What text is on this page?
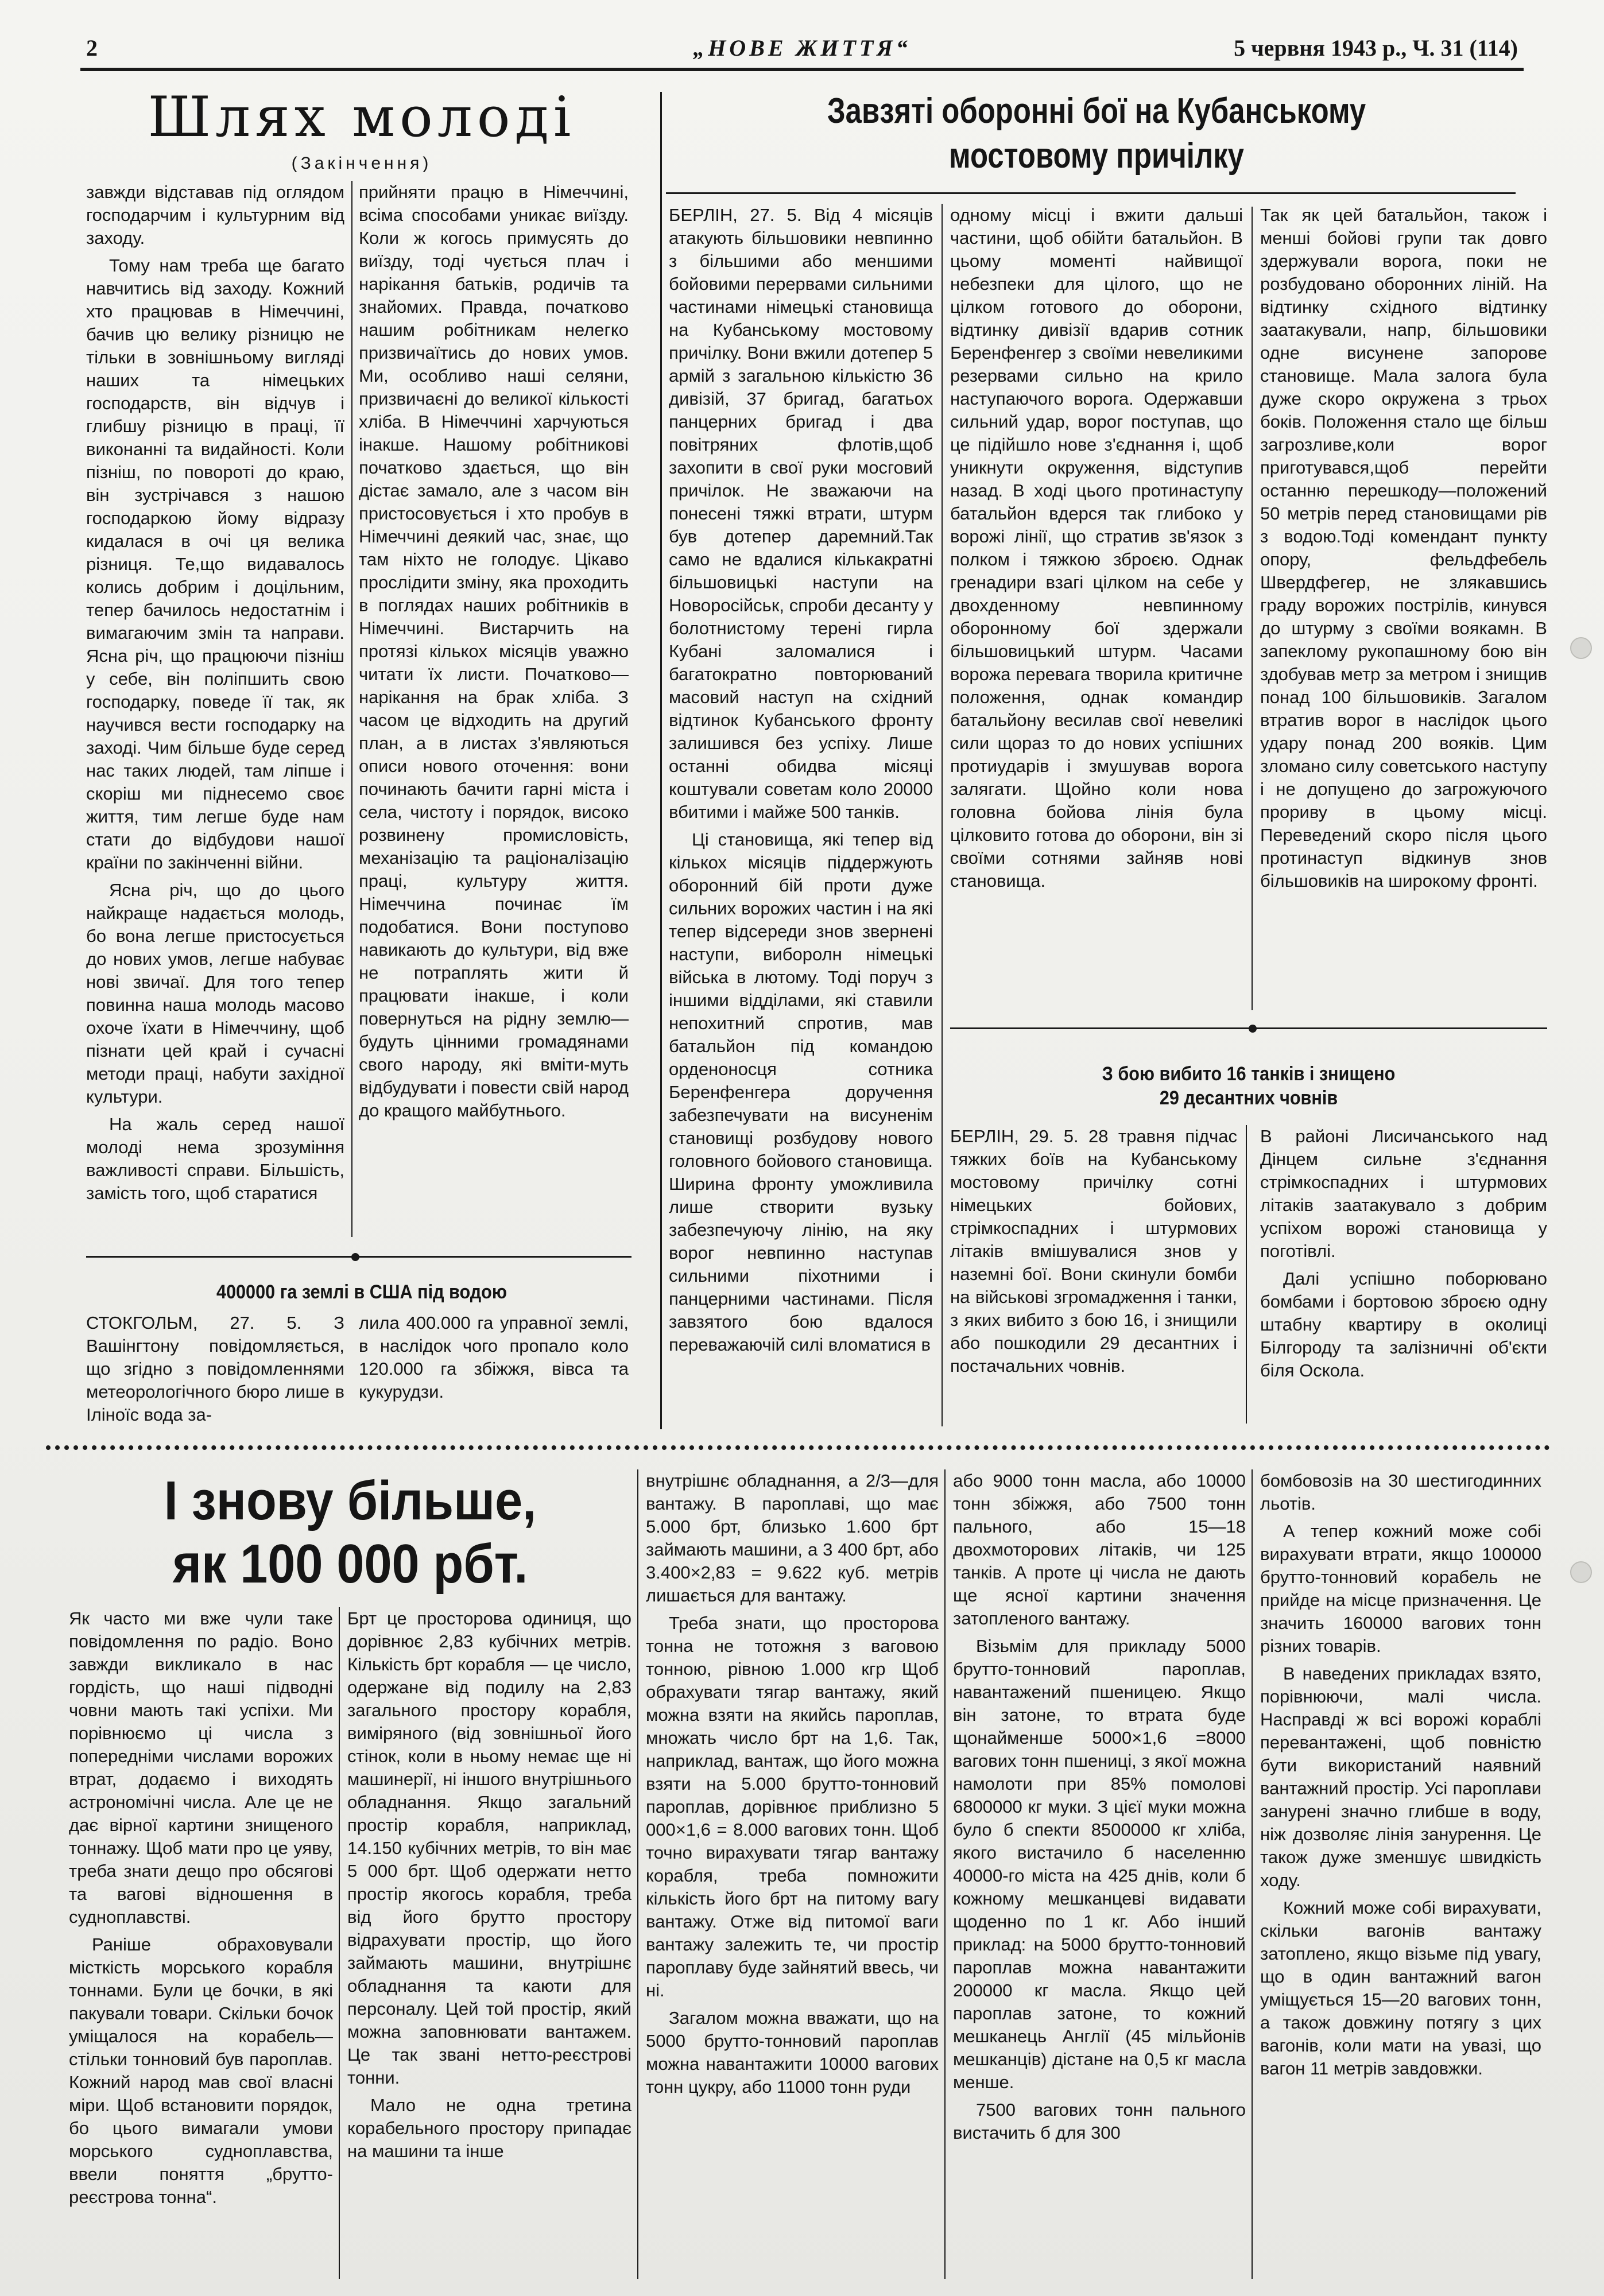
2	„НОВЕ ЖИТТЯ“	5 червня 1943 р., Ч. 31 (114)
Шлях молоді
(Закінчення)

завжди відставав під оглядом господарчим і культурним від заходу.

Тому нам треба ще багато навчитись від заходу. Кожний хто працював в Німеччині, бачив цю велику різницю не тільки в зовнішньому вигляді наших та німецьких господарств, він відчув і глибшу різницю в праці, її виконанні та видайності. Коли пізніш, по повороті до краю, він зустрічався з нашою господаркою йому відразу кидалася в очі ця велика різниця. Те,що видавалось колись добрим і доцільним, тепер бачилось недостатнім і вимагаючим змін та направи. Ясна річ, що працюючи пізніш у себе, він поліпшить свою господарку, поведе її так, як научився вести господарку на заході. Чим більше буде серед нас таких людей, там ліпше і скоріш ми піднесемо своє життя, тим легше буде нам стати до відбудови нашої країни по закінченні війни.

Ясна річ, що до цього найкраще надається молодь, бо вона легше пристосується до нових умов, легше набуває нові звичаї. Для того тепер повинна наша молодь масово охоче їхати в Німеччину, щоб пізнати цей край і сучасні методи праці, набути західної культури.

На жаль серед нашої молоді нема зрозуміння важливості справи. Більшість, замість того, щоб старатися

прийняти працю в Німеччині, всіма способами уникає виїзду. Коли ж когось примусять до виїзду, тоді чується плач і нарікання батьків, родичів та знайомих. Правда, початково нашим робітникам нелегко призвичаїтись до нових умов. Ми, особливо наші селяни, призвичаєні до великої кількості хліба. В Німеччині харчуються інакше. Нашому робітникові початково здається, що він дістає замало, але з часом він пристосовується і хто пробув в Німеччині деякий час, знає, що там ніхто не голодує. Цікаво прослідити зміну, яка проходить в поглядах наших робітників в Німеччині. Вистарчить на протязі кількох місяців уважно читати їх листи. Початково—нарікання на брак хліба. З часом це відходить на другий план, а в листах з'являються описи нового оточення: вони починають бачити гарні міста і села, чистоту і порядок, високо розвинену промисловість, механізацію та раціоналізацію праці, культуру життя. Німеччина починає їм подобатися. Вони поступово навикають до культури, від вже не потраплять жити й працювати інакше, і коли повернуться на рідну землю—будуть цінними громадянами свого народу, які вміти-муть відбудувати і повести свій народ до кращого майбутнього.

400000 га землі в США під водою

СТОКГОЛЬМ, 27. 5. З Вашінгтону повідомляється, що згідно з повідомленнями метеорологічного бюро лише в Іліноїс вода за-

лила 400.000 га управної землі, в наслідок чого пропало коло 120.000 га збіжжя, вівса та кукурудзи.

Завзяті оборонні бої на Кубанському
мостовому причілку

БЕРЛІН, 27. 5. Від 4 місяців атакують більшовики невпинно з більшими або меншими бойовими перервами сильними частинами німецькі становища на Кубанському мостовому причілку. Вони вжили дотепер 5 армій з загальною кількістю 36 дивізій, 37 бригад, багатьох панцерних бригад і два повітряних флотів,щоб захопити в свої руки мосговий причілок. Не зважаючи на понесені тяжкі втрати, штурм був дотепер даремний.Так само не вдалися кількакратні більшовицькі наступи на Новоросійськ, спроби десанту у болотнистому терені гирла Кубані заломалися і багатократно повторюваний масовий наступ на східний відтинок Кубанського фронту залишився без успіху. Лише останні обидва місяці коштували советам коло 20000 вбитими і майже 500 танків.

Ці становища, які тепер від кількох місяців піддержують оборонний бій проти дуже сильних ворожих частин і на які тепер відсереди знов звернені наступи, виборолн німецькі війська в лютому. Тоді поруч з іншими відділами, які ставили непохитний спротив, мав батальйон під командою орденоносця сотника Беренфенгера доручення забезпечувати на висуненім становищі розбудову нового головного бойового становища. Ширина фронту уможливила лише створити вузьку забезпечуючу лінію, на яку ворог невпинно наступав сильними піхотними і панцерними частинами. Після завзятого бою вдалося переважаючій силі вломатися в

одному місці і вжити дальші частини, щоб обійти батальйон. В цьому моменті найвищої небезпеки для цілого, що не цілком готового до оборони, відтинку дивізії вдарив сотник Беренфенгер з своїми невеликими резервами сильно на крило наступаючого ворога. Одержавши сильний удар, ворог поступав, що це підійшло нове з'єднання і, щоб уникнути окруження, відступив назад. В ході цього протинаступу батальйон вдерся так глибоко у ворожі лінії, що стратив зв'язок з полком і тяжкою зброєю. Однак гренадири взагі цілком на себе у двохденному невпинному оборонному бої здержали більшовицький штурм. Часами ворожа перевага творила критичне положення, однак командир батальйону весилав свої невеликі сили щораз то до нових успішних протиударів і змушував ворога залягати. Щойно коли нова головна бойова лінія була цілковито готова до оборони, він зі своїми сотнями зайняв нові становища.

Так як цей батальйон, також і менші бойові групи так довго здержували ворога, поки не розбудовано оборонних ліній. На відтинку східного відтинку заатакували, напр, більшовики одне висунене запорове становище. Мала залога була дуже скоро окружена з трьох боків. Положення стало ще більш загрозливе,коли ворог приготувався,щоб перейти останню перешкоду—положений 50 метрів перед становищами рів з водою.Тоді комендант пункту опору, фельдфебель Швердфегер, не злякавшись граду ворожих пострілів, кинувся до штурму з своїми воякамн. В запеклому рукопашному бою він здобував метр за метром і знищив понад 100 більшовиків. Загалом втратив ворог в наслідок цього удару понад 200 вояків. Цим зломано силу советського наступу і не допущено до загрожуючого прориву в цьому місці. Переведений скоро після цього протинаступ відкинув знов більшовиків на широкому фронті.

З бою вибито 16 танків і знищено
29 десантних човнів

БЕРЛІН, 29. 5. 28 травня підчас тяжких боїв на Кубанському мостовому причілку сотні німецьких бойових, стрімкоспадних і штурмових літаків вмішувалися знов у наземні бої. Вони скинули бомби на військові згромадження і танки, з яких вибито з бою 16, і знищили або пошкодили 29 десантних і постачальних човнів.

В районі Лисичанського над Дінцем сильне з'єднання стрімкоспадних і штурмових літаків заатакувало з добрим успіхом ворожі становища у поготівлі.

Далі успішно поборювано бомбами і бортовою зброєю одну штабну квартиру в околиці Білгороду та залізничні об'єкти біля Оскола.

І знову більше,
як 100 000 рбт.

Як часто ми вже чули таке повідомлення по радіо. Воно завжди викликало в нас гордість, що наші підводні човни мають такі успіхи. Ми порівнюємо ці числа з попередніми числами ворожих втрат, додаємо і виходять астрономічні числа. Але це не дає вірної картини знищеного тоннажу. Щоб мати про це уяву, треба знати дещо про обсягові та вагові відношення в судноплавстві.

Раніше обраховували місткість морського корабля тоннами. Були це бочки, в які пакували товари. Скільки бочок уміщалося на корабель—стільки тонновий був пароплав. Кожний народ мав свої власні міри. Щоб встановити порядок, бо цього вимагали умови морського судноплавства, ввели поняття „брутто-реєстрова тонна“.

Брт це просторова одиниця, що дорівнює 2,83 кубічних метрів. Кількість брт корабля — це число, одержане від подилу на 2,83 загального простору корабля, виміряного (від зовнішньої його стінок, коли в ньому немає ще ні машинерії, ні іншого внутрішнього обладнання. Якщо загальний простір корабля, наприклад, 14.150 кубічних метрів, то він має 5 000 брт. Щоб одержати нетто простір якогось корабля, треба від його брутто простору відрахувати простір, що його займають машини, внутрішнє обладнання та каюти для персоналу. Цей той простір, який можна заповнювати вантажем. Це так звані нетто-реєстрові тонни.

Мало не одна третина корабельного простору припадає на машини та інше

внутрішнє обладнання, а 2/3—для вантажу. В пароплаві, що має 5.000 брт, близько 1.600 брт займають машини, а 3 400 брт, або 3.400×2,83 = 9.622 куб. метрів лишається для вантажу.

Треба знати, що просторова тонна не тотожня з ваговою тонною, рівною 1.000 кгр Щоб обрахувати тягар вантажу, який можна взяти на якийсь пароплав, множать число брт на 1,6. Так, наприклад, вантаж, що його можна взяти на 5.000 брутто-тонновий пароплав, дорівнює приблизно 5 000×1,6 = 8.000 вагових тонн. Щоб точно вирахувати тягар вантажу корабля, треба помножити кількість його брт на питому вагу вантажу. Отже від питомої ваги вантажу залежить те, чи простір пароплаву буде зайнятий ввесь, чи ні.

Загалом можна вважати, що на 5000 брутто-тонновий пароплав можна навантажити 10000 вагових тонн цукру, або 11000 тонн руди

або 9000 тонн масла, або 10000 тонн збіжжя, або 7500 тонн пального, або 15—18 двохмоторових літаків, чи 125 танків. А проте ці числа не дають ще ясної картини значення затопленого вантажу.

Візьмім для прикладу 5000 брутто-тонновий пароплав, навантажений пшеницею. Якщо він затоне, то втрата буде щонайменше 5000×1,6 =8000 вагових тонн пшениці, з якої можна намолоти при 85% помолові 6800000 кг муки. З цієї муки можна було б спекти 8500000 кг хліба, якого вистачило б населенню 40000-го міста на 425 днів, коли б кожному мешканцеві видавати щоденно по 1 кг. Або інший приклад: на 5000 брутто-тонновий пароплав можна навантажити 200000 кг масла. Якщо цей пароплав затоне, то кожний мешканець Англії (45 мільйонів мешканців) дістане на 0,5 кг масла менше.

7500 вагових тонн пального вистачить б для 300

бомбовозів на 30 шестигодинних льотів.

А тепер кожний може собі вирахувати втрати, якщо 100000 брутто-тонновий корабель не прийде на місце призначення. Це значить 160000 вагових тонн різних товарів.

В наведених прикладах взято, порівнюючи, малі числа. Насправді ж всі ворожі кораблі перевантажені, щоб повністю бути використаний наявний вантажний простір. Усі пароплави занурені значно глибше в воду, ніж дозволяє лінія занурення. Це також дуже зменшує швидкість ходу.

Кожний може собі вирахувати, скільки вагонів вантажу затоплено, якщо візьме під увагу, що в один вантажний вагон уміщується 15—20 вагових тонн, а також довжину потягу з цих вагонів, коли мати на увазі, що вагон 11 метрів завдовжки.
